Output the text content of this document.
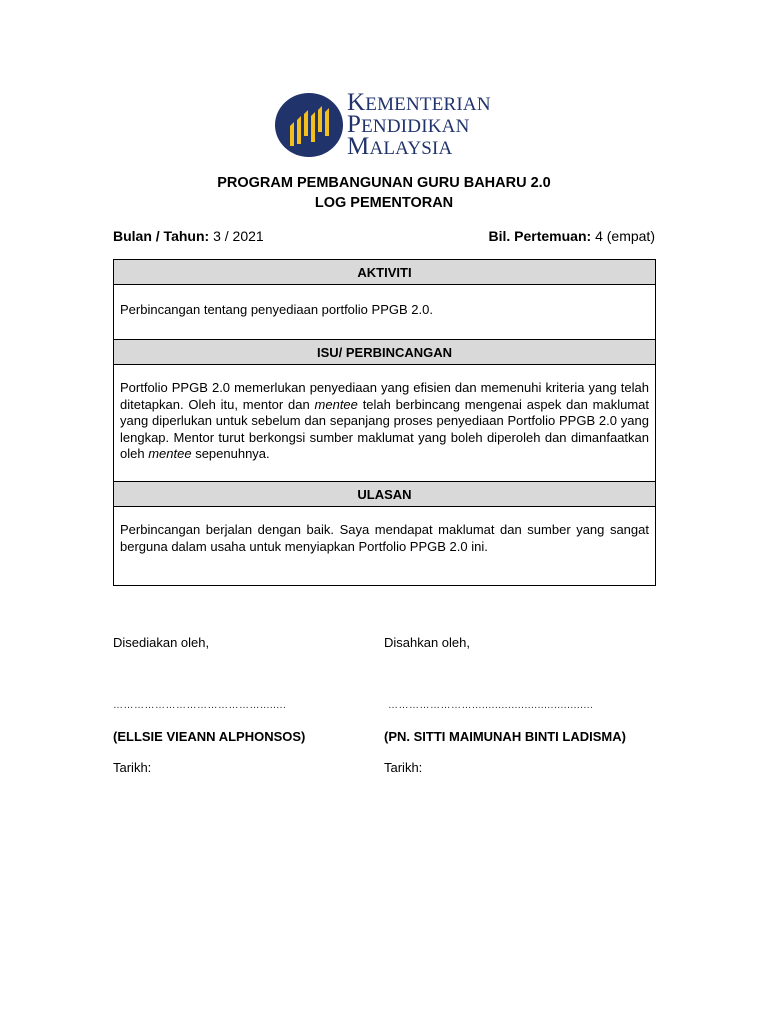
KEMENTERIAN
PENDIDIKAN
MALAYSIA
PROGRAM PEMBANGUNAN GURU BAHARU 2.0
LOG PEMENTORAN
Bulan / Tahun: 3 / 2021	Bil. Pertemuan: 4 (empat)
AKTIVITI
Perbincangan tentang penyediaan portfolio PPGB 2.0.
ISU/ PERBINCANGAN
Portfolio PPGB 2.0 memerlukan penyediaan yang efisien dan memenuhi kriteria yang telah ditetapkan. Oleh itu, mentor dan mentee telah berbincang mengenai aspek dan maklumat yang diperlukan untuk sebelum dan sepanjang proses penyediaan Portfolio PPGB 2.0 yang lengkap. Mentor turut berkongsi sumber maklumat yang boleh diperoleh dan dimanfaatkan oleh mentee sepenuhnya.
ULASAN
Perbincangan berjalan dengan baik. Saya mendapat maklumat dan sumber yang sangat berguna dalam usaha untuk menyiapkan Portfolio PPGB 2.0 ini.
Disediakan oleh,	Disahkan oleh,
……………………………………........	…………………….....................................
(ELLSIE VIEANN ALPHONSOS)	(PN. SITTI MAIMUNAH BINTI LADISMA)
Tarikh:	Tarikh:
